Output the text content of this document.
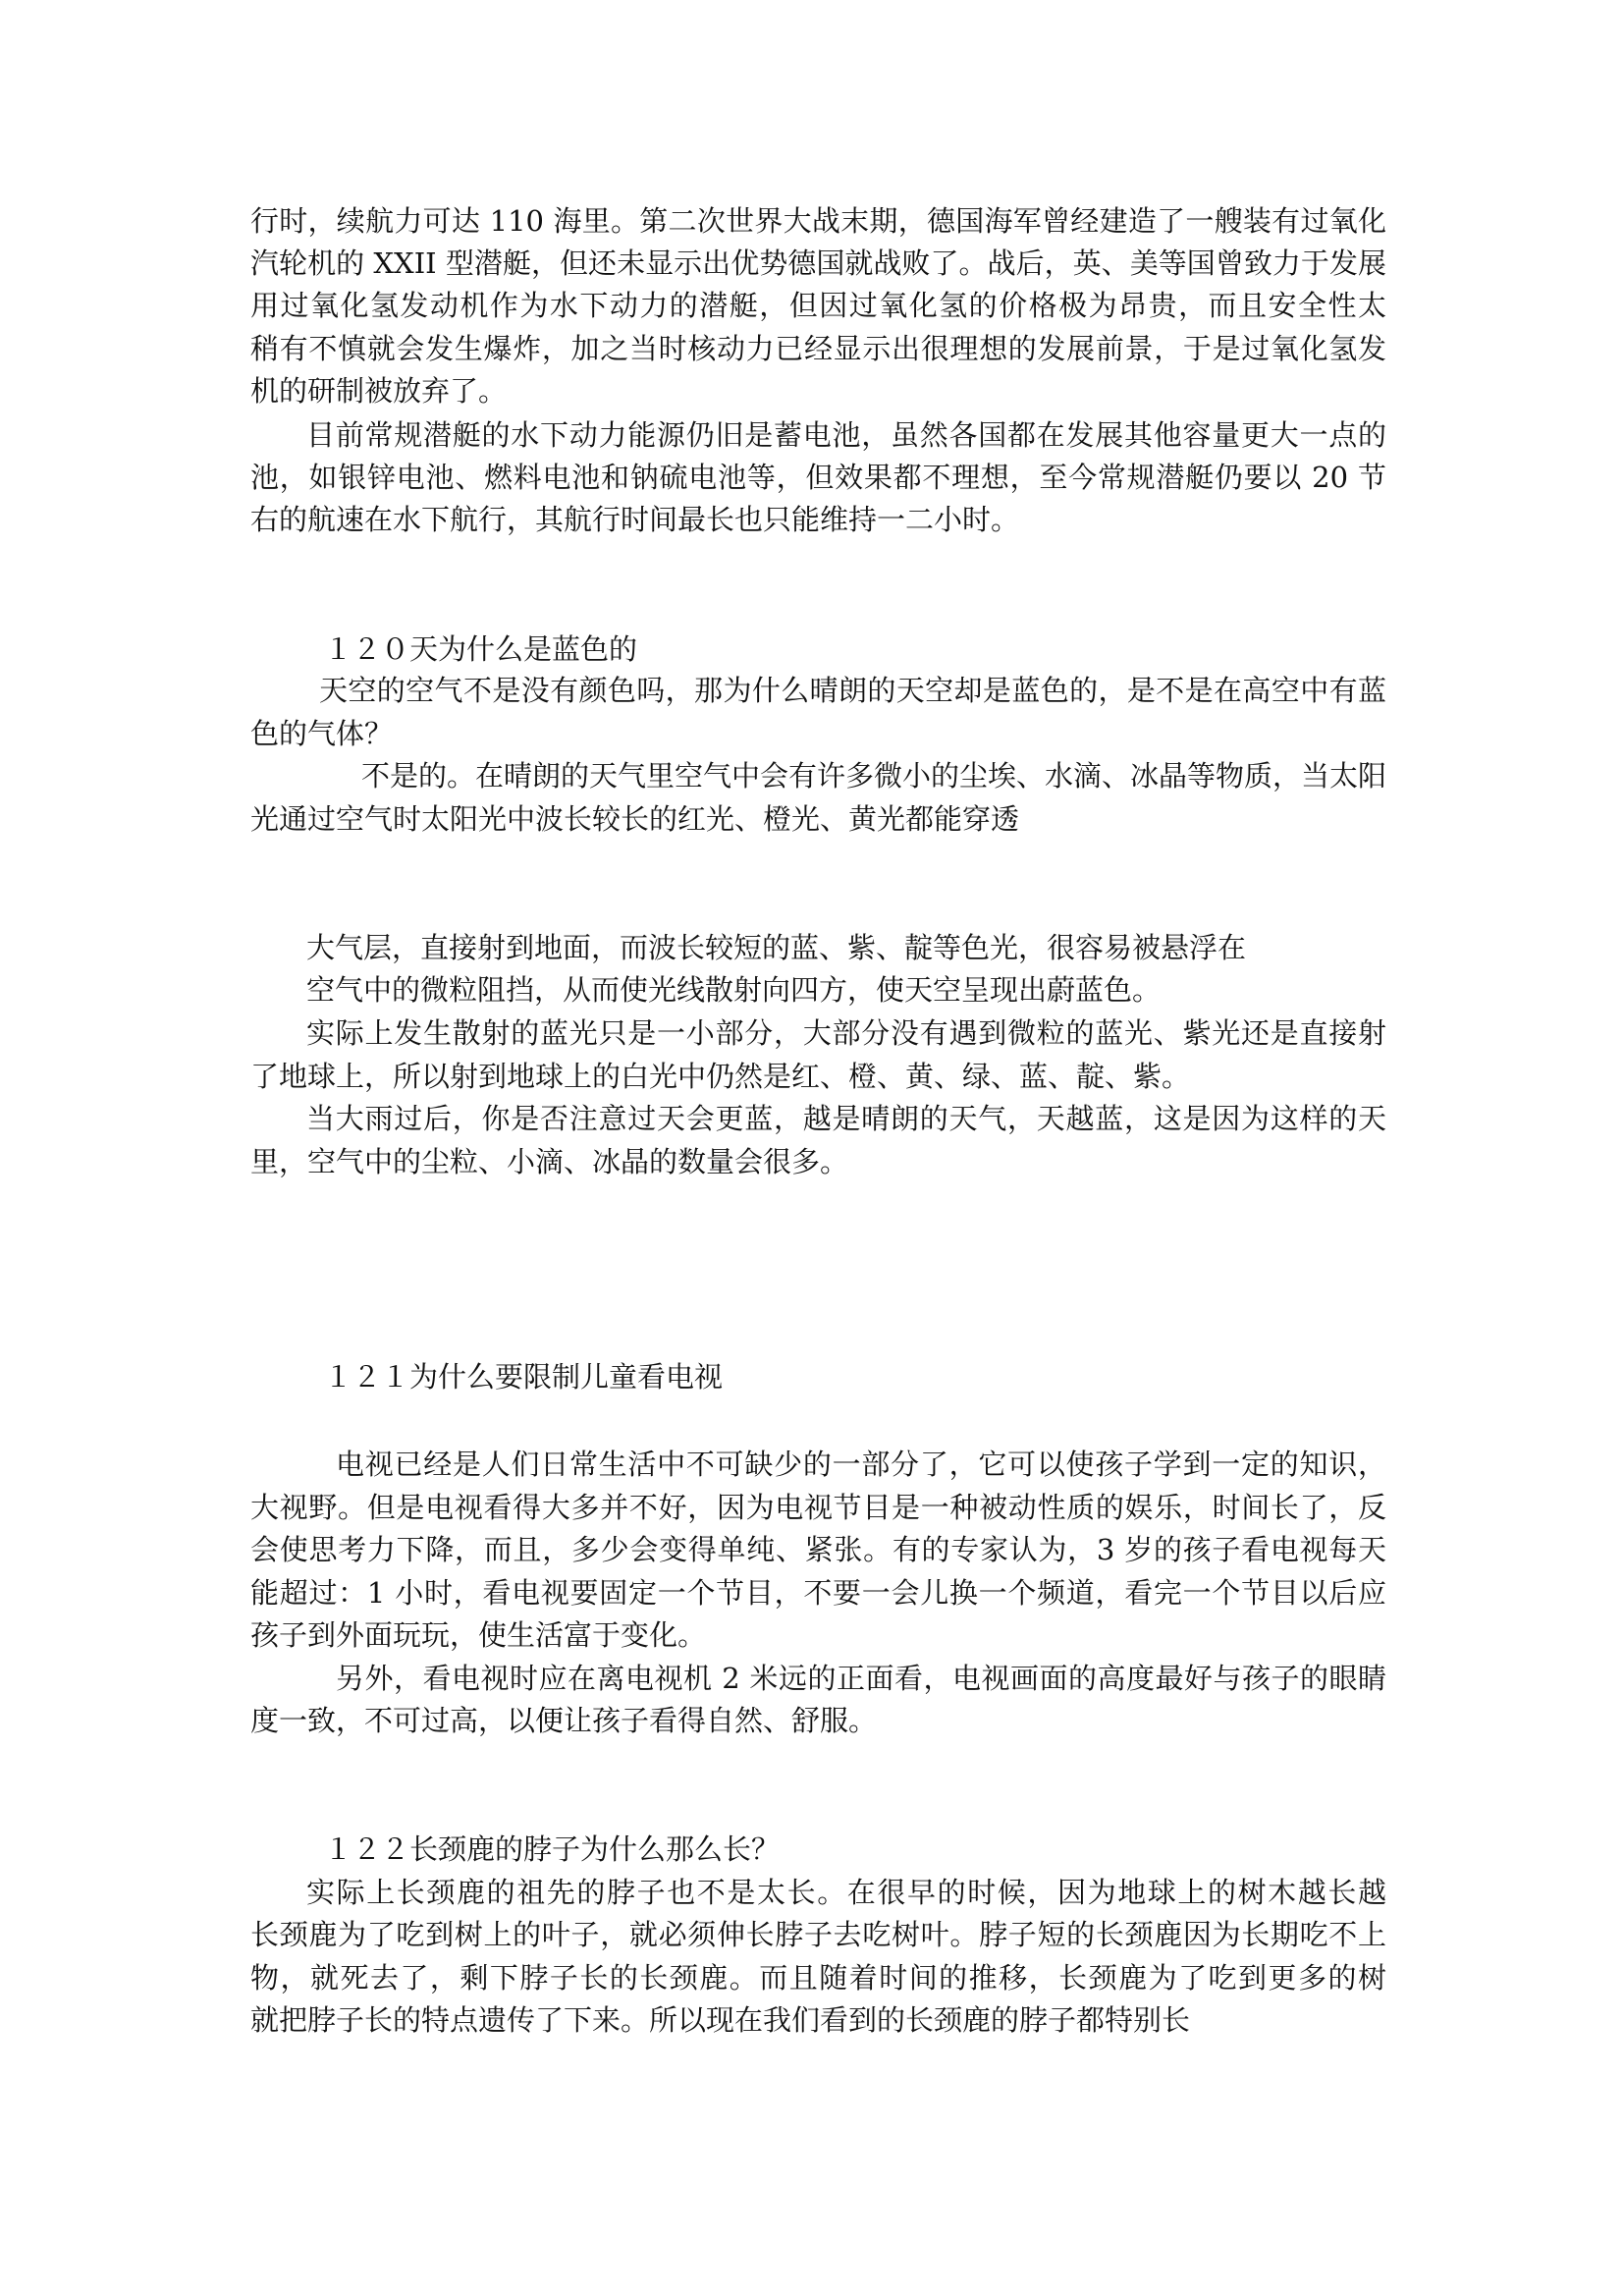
行时，续航力可达 110 海里。第二次世界大战末期，德国海军曾经建造了一艘装有过氧化
汽轮机的 XXII 型潜艇，但还未显示出优势德国就战败了。战后，英、美等国曾致力于发展
用过氧化氢发动机作为水下动力的潜艇，但因过氧化氢的价格极为昂贵，而且安全性太
稍有不慎就会发生爆炸，加之当时核动力已经显示出很理想的发展前景，于是过氧化氢发
机的研制被放弃了。
目前常规潜艇的水下动力能源仍旧是蓄电池，虽然各国都在发展其他容量更大一点的
池，如银锌电池、燃料电池和钠硫电池等，但效果都不理想，至今常规潜艇仍要以 20 节
右的航速在水下航行，其航行时间最长也只能维持一二小时。
１２０天为什么是蓝色的
天空的空气不是没有颜色吗，那为什么晴朗的天空却是蓝色的，是不是在高空中有蓝
色的气体？
不是的。在晴朗的天气里空气中会有许多微小的尘埃、水滴、冰晶等物质，当太阳
光通过空气时太阳光中波长较长的红光、橙光、黄光都能穿透
大气层，直接射到地面，而波长较短的蓝、紫、靛等色光，很容易被悬浮在
空气中的微粒阻挡，从而使光线散射向四方，使天空呈现出蔚蓝色。
实际上发生散射的蓝光只是一小部分，大部分没有遇到微粒的蓝光、紫光还是直接射
了地球上，所以射到地球上的白光中仍然是红、橙、黄、绿、蓝、靛、紫。
当大雨过后，你是否注意过天会更蓝，越是晴朗的天气，天越蓝，这是因为这样的天
里，空气中的尘粒、小滴、冰晶的数量会很多。
１２１为什么要限制儿童看电视
电视已经是人们日常生活中不可缺少的一部分了，它可以使孩子学到一定的知识，
大视野。但是电视看得大多并不好，因为电视节目是一种被动性质的娱乐，时间长了，反
会使思考力下降，而且，多少会变得单纯、紧张。有的专家认为，3 岁的孩子看电视每天
能超过：1 小时，看电视要固定一个节目，不要一会儿换一个频道，看完一个节目以后应
孩子到外面玩玩，使生活富于变化。
另外，看电视时应在离电视机 2 米远的正面看，电视画面的高度最好与孩子的眼睛
度一致，不可过高，以便让孩子看得自然、舒服。
１２２长颈鹿的脖子为什么那么长？
实际上长颈鹿的祖先的脖子也不是太长。在很早的时候，因为地球上的树木越长越
长颈鹿为了吃到树上的叶子，就必须伸长脖子去吃树叶。脖子短的长颈鹿因为长期吃不上
物，就死去了，剩下脖子长的长颈鹿。而且随着时间的推移，长颈鹿为了吃到更多的树
就把脖子长的特点遗传了下来。所以现在我们看到的长颈鹿的脖子都特别长
